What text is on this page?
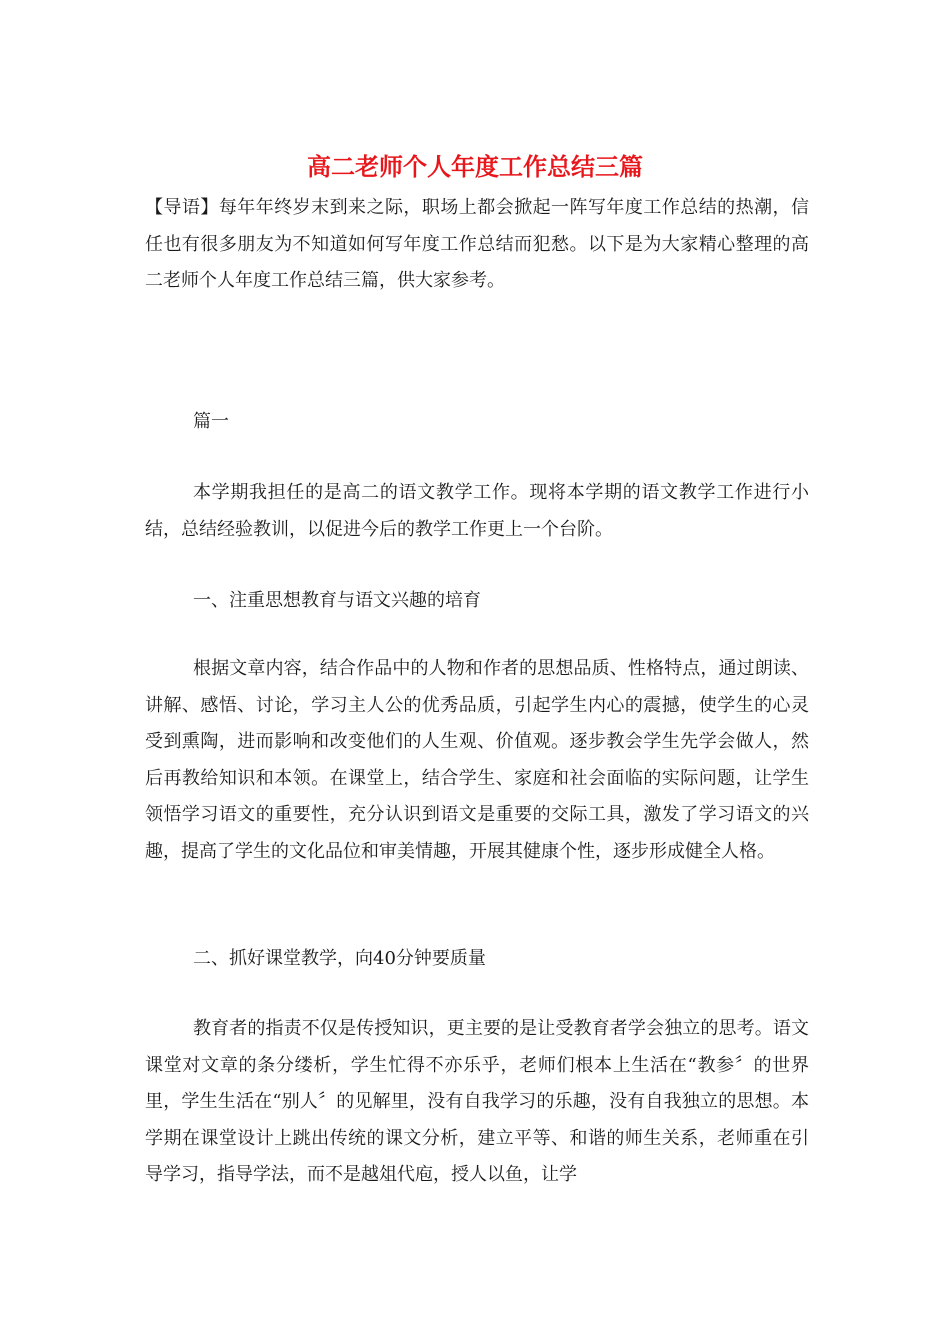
高二老师个人年度工作总结三篇
【导语】每年年终岁末到来之际，职场上都会掀起一阵写年度工作总结的热潮，信任也有很多朋友为不知道如何写年度工作总结而犯愁。以下是为大家精心整理的高二老师个人年度工作总结三篇，供大家参考。
篇一
本学期我担任的是高二的语文教学工作。现将本学期的语文教学工作进行小结，总结经验教训，以促进今后的教学工作更上一个台阶。
一、注重思想教育与语文兴趣的培育
根据文章内容，结合作品中的人物和作者的思想品质、性格特点，通过朗读、讲解、感悟、讨论，学习主人公的优秀品质，引起学生内心的震撼，使学生的心灵受到熏陶，进而影响和改变他们的人生观、价值观。逐步教会学生先学会做人，然后再教给知识和本领。在课堂上，结合学生、家庭和社会面临的实际问题，让学生领悟学习语文的重要性，充分认识到语文是重要的交际工具，激发了学习语文的兴趣，提高了学生的文化品位和审美情趣，开展其健康个性，逐步形成健全人格。
二、抓好课堂教学，向40分钟要质量
教育者的指责不仅是传授知识，更主要的是让受教育者学会独立的思考。语文课堂对文章的条分缕析，学生忙得不亦乐乎，老师们根本上生活在“教参〞的世界里，学生生活在“别人〞的见解里，没有自我学习的乐趣，没有自我独立的思想。本学期在课堂设计上跳出传统的课文分析，建立平等、和谐的师生关系，老师重在引导学习，指导学法，而不是越俎代庖，授人以鱼，让学
